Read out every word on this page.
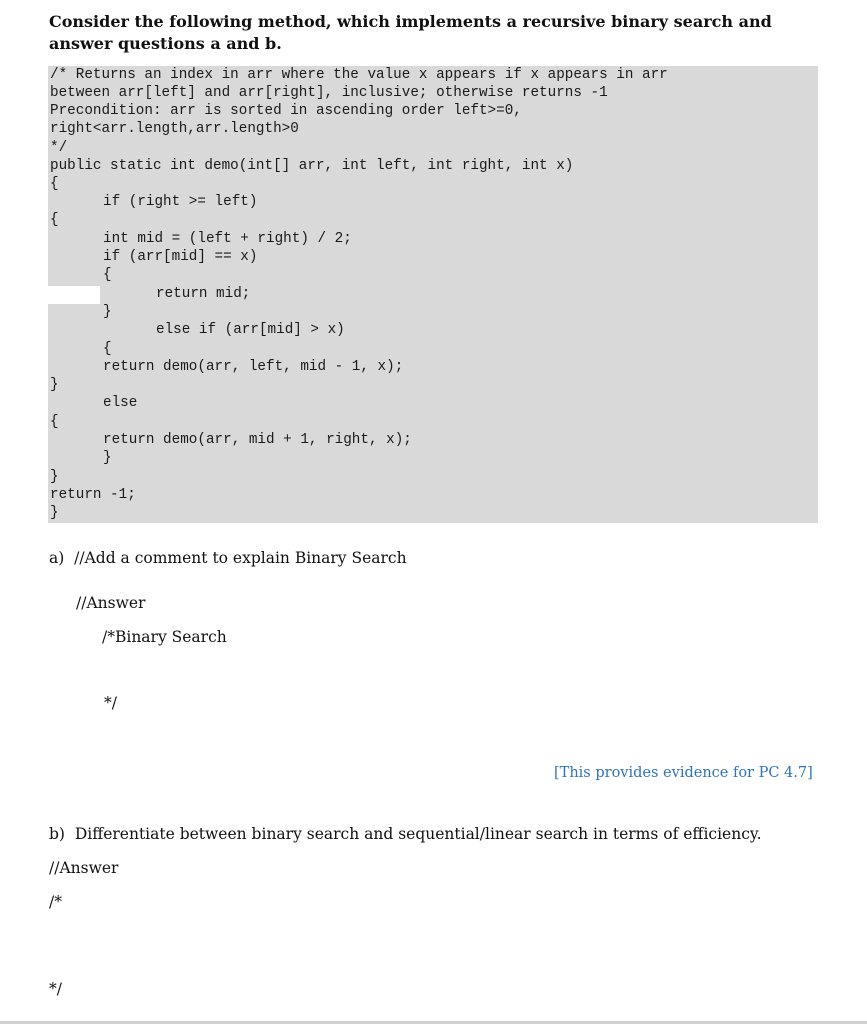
Consider the following method, which implements a recursive binary search and answer questions a and b.
/* Returns an index in arr where the value x appears if x appears in arr
between arr[left] and arr[right], inclusive; otherwise returns -1
Precondition: arr is sorted in ascending order left>=0,
right<arr.length,arr.length>0
*/
public static int demo(int[] arr, int left, int right, int x)
{
if (right >= left)
{
int mid = (left + right) / 2;
if (arr[mid] == x)
{
return mid;
}
else if (arr[mid] > x)
{
return demo(arr, left, mid - 1, x);
}
else
{
return demo(arr, mid + 1, right, x);
}
}
return -1;
}
a)  //Add a comment to explain Binary Search
//Answer
/*Binary Search
*/
[This provides evidence for PC 4.7]
b)  Differentiate between binary search and sequential/linear search in terms of efficiency.
//Answer
/*
*/
